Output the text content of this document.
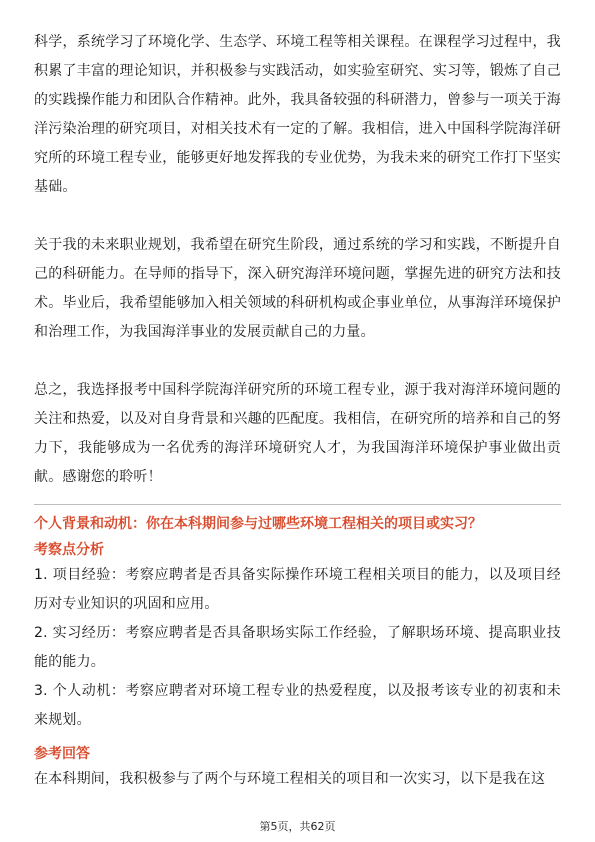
科学，系统学习了环境化学、生态学、环境工程等相关课程。在课程学习过程中，我积累了丰富的理论知识，并积极参与实践活动，如实验室研究、实习等，锻炼了自己的实践操作能力和团队合作精神。此外，我具备较强的科研潜力，曾参与一项关于海洋污染治理的研究项目，对相关技术有一定的了解。我相信，进入中国科学院海洋研究所的环境工程专业，能够更好地发挥我的专业优势，为我未来的研究工作打下坚实基础。

关于我的未来职业规划，我希望在研究生阶段，通过系统的学习和实践，不断提升自己的科研能力。在导师的指导下，深入研究海洋环境问题，掌握先进的研究方法和技术。毕业后，我希望能够加入相关领域的科研机构或企事业单位，从事海洋环境保护和治理工作，为我国海洋事业的发展贡献自己的力量。

总之，我选择报考中国科学院海洋研究所的环境工程专业，源于我对海洋环境问题的关注和热爱，以及对自身背景和兴趣的匹配度。我相信，在研究所的培养和自己的努力下，我能够成为一名优秀的海洋环境研究人才，为我国海洋环境保护事业做出贡献。感谢您的聆听！

个人背景和动机：你在本科期间参与过哪些环境工程相关的项目或实习？
考察点分析
1. 项目经验：考察应聘者是否具备实际操作环境工程相关项目的能力，以及项目经历对专业知识的巩固和应用。
2. 实习经历：考察应聘者是否具备职场实际工作经验，了解职场环境、提高职业技能的能力。
3. 个人动机：考察应聘者对环境工程专业的热爱程度，以及报考该专业的初衷和未来规划。
参考回答
在本科期间，我积极参与了两个与环境工程相关的项目和一次实习，以下是我在这
第5页，共62页
